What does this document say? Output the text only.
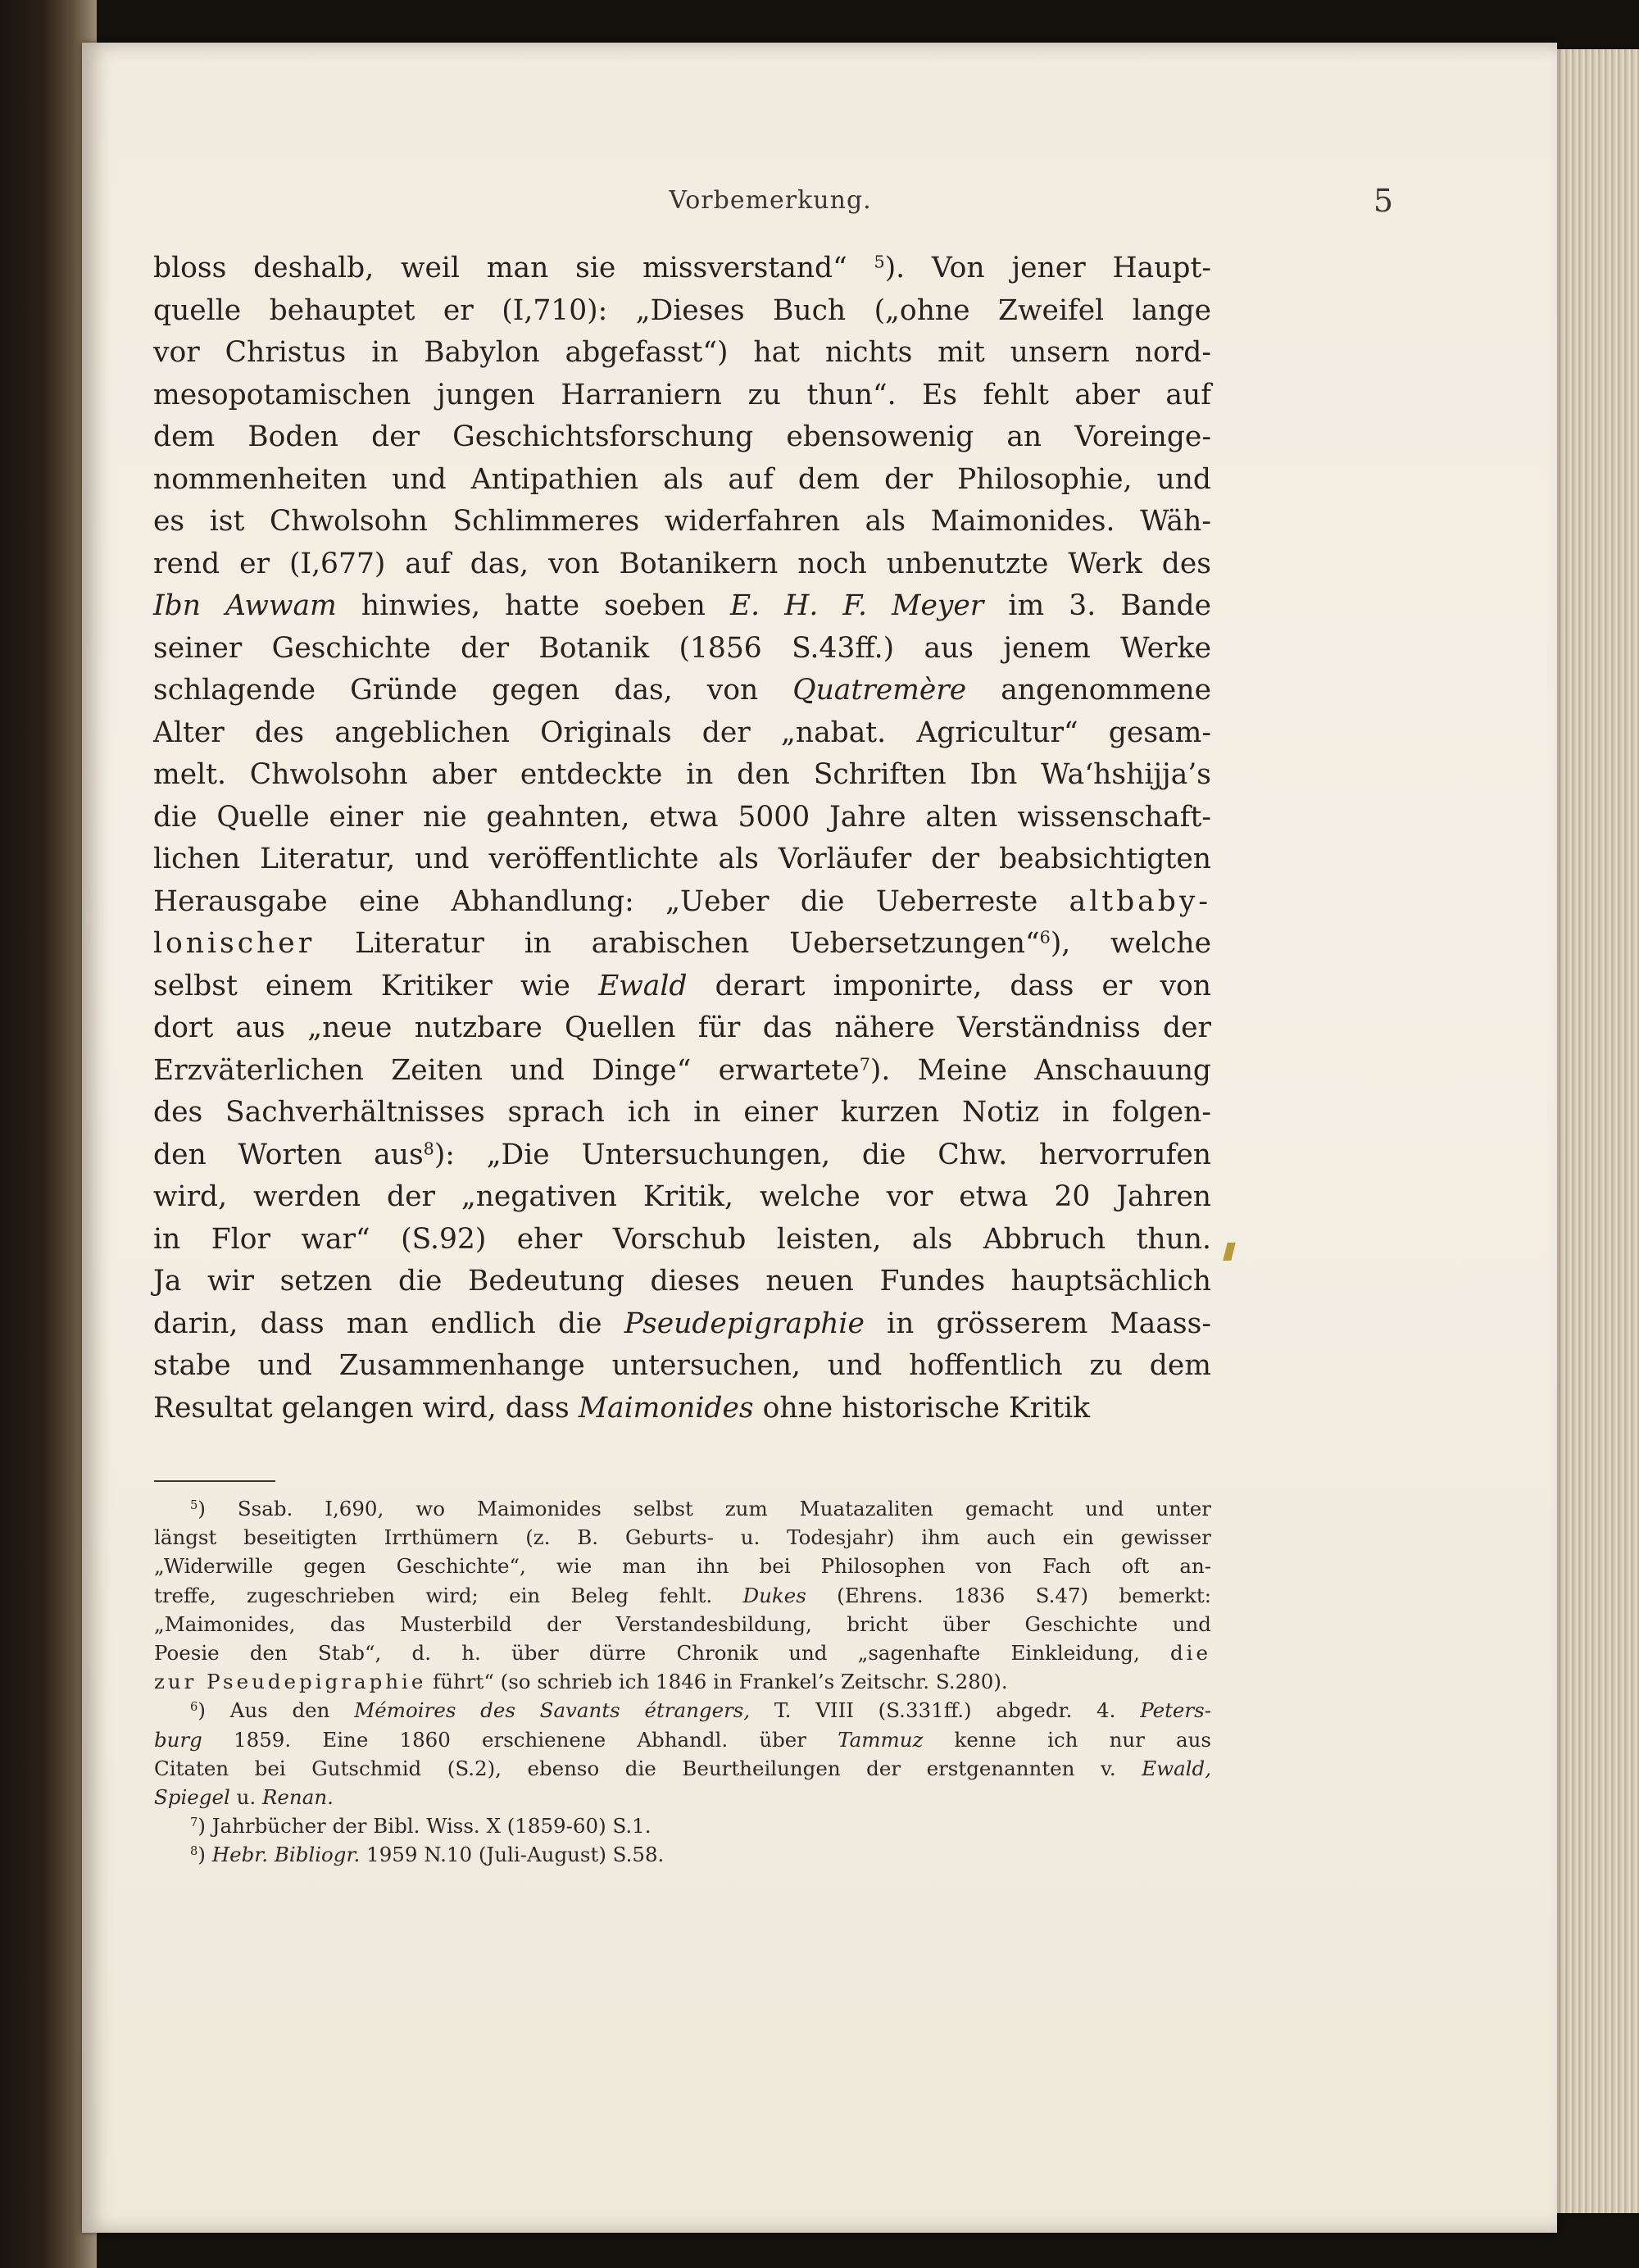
Vorbemerkung.	5
bloss deshalb, weil man sie missverstand“ $^5$). Von jener Haupt-
quelle behauptet er (I,710): „Dieses Buch („ohne Zweifel lange
vor Christus in Babylon abgefasst“) hat nichts mit unsern nord-
mesopotamischen jungen Harraniern zu thun“. Es fehlt aber auf
dem Boden der Geschichtsforschung ebensowenig an Voreinge-
nommenheiten und Antipathien als auf dem der Philosophie, und
es ist Chwolsohn Schlimmeres widerfahren als Maimonides. Wäh-
rend er (I,677) auf das, von Botanikern noch unbenutzte Werk des
Ibn Awwam hinwies, hatte soeben E. H. F. Meyer im 3. Bande
seiner Geschichte der Botanik (1856 S.43ff.) aus jenem Werke
schlagende Gründe gegen das, von Quatremère angenommene
Alter des angeblichen Originals der „nabat. Agricultur“ gesam-
melt. Chwolsohn aber entdeckte in den Schriften Ibn Wa‘hshijja’s
die Quelle einer nie geahnten, etwa 5000 Jahre alten wissenschaft-
lichen Literatur, und veröffentlichte als Vorläufer der beabsichtigten
Herausgabe eine Abhandlung: „Ueber die Ueberreste altbaby-
lonischer Literatur in arabischen Uebersetzungen“$^6$), welche
selbst einem Kritiker wie Ewald derart imponirte, dass er von
dort aus „neue nutzbare Quellen für das nähere Verständniss der
Erzväterlichen Zeiten und Dinge“ erwartete$^7$). Meine Anschauung
des Sachverhältnisses sprach ich in einer kurzen Notiz in folgen-
den Worten aus$^8$): „Die Untersuchungen, die Chw. hervorrufen
wird, werden der „negativen Kritik, welche vor etwa 20 Jahren
in Flor war“ (S.92) eher Vorschub leisten, als Abbruch thun.
Ja wir setzen die Bedeutung dieses neuen Fundes hauptsächlich
darin, dass man endlich die Pseudepigraphie in grösserem Maass-
stabe und Zusammenhange untersuchen, und hoffentlich zu dem
Resultat gelangen wird, dass Maimonides ohne historische Kritik
$^5$) Ssab. I,690, wo Maimonides selbst zum Muatazaliten gemacht und unter
längst beseitigten Irrthümern (z. B. Geburts- u. Todesjahr) ihm auch ein gewisser
„Widerwille gegen Geschichte“, wie man ihn bei Philosophen von Fach oft an-
treffe, zugeschrieben wird; ein Beleg fehlt. Dukes (Ehrens. 1836 S.47) bemerkt:
„Maimonides, das Musterbild der Verstandesbildung, bricht über Geschichte und
Poesie den Stab“, d. h. über dürre Chronik und „sagenhafte Einkleidung, die
zur Pseudepigraphie führt“ (so schrieb ich 1846 in Frankel’s Zeitschr. S.280).
$^6$) Aus den Mémoires des Savants étrangers, T. VIII (S.331ff.) abgedr. 4. Peters-
burg 1859. Eine 1860 erschienene Abhandl. über Tammuz kenne ich nur aus
Citaten bei Gutschmid (S.2), ebenso die Beurtheilungen der erstgenannten v. Ewald,
Spiegel u. Renan.
$^7$) Jahrbücher der Bibl. Wiss. X (1859-60) S.1.
$^8$) Hebr. Bibliogr. 1959 N.10 (Juli-August) S.58.
